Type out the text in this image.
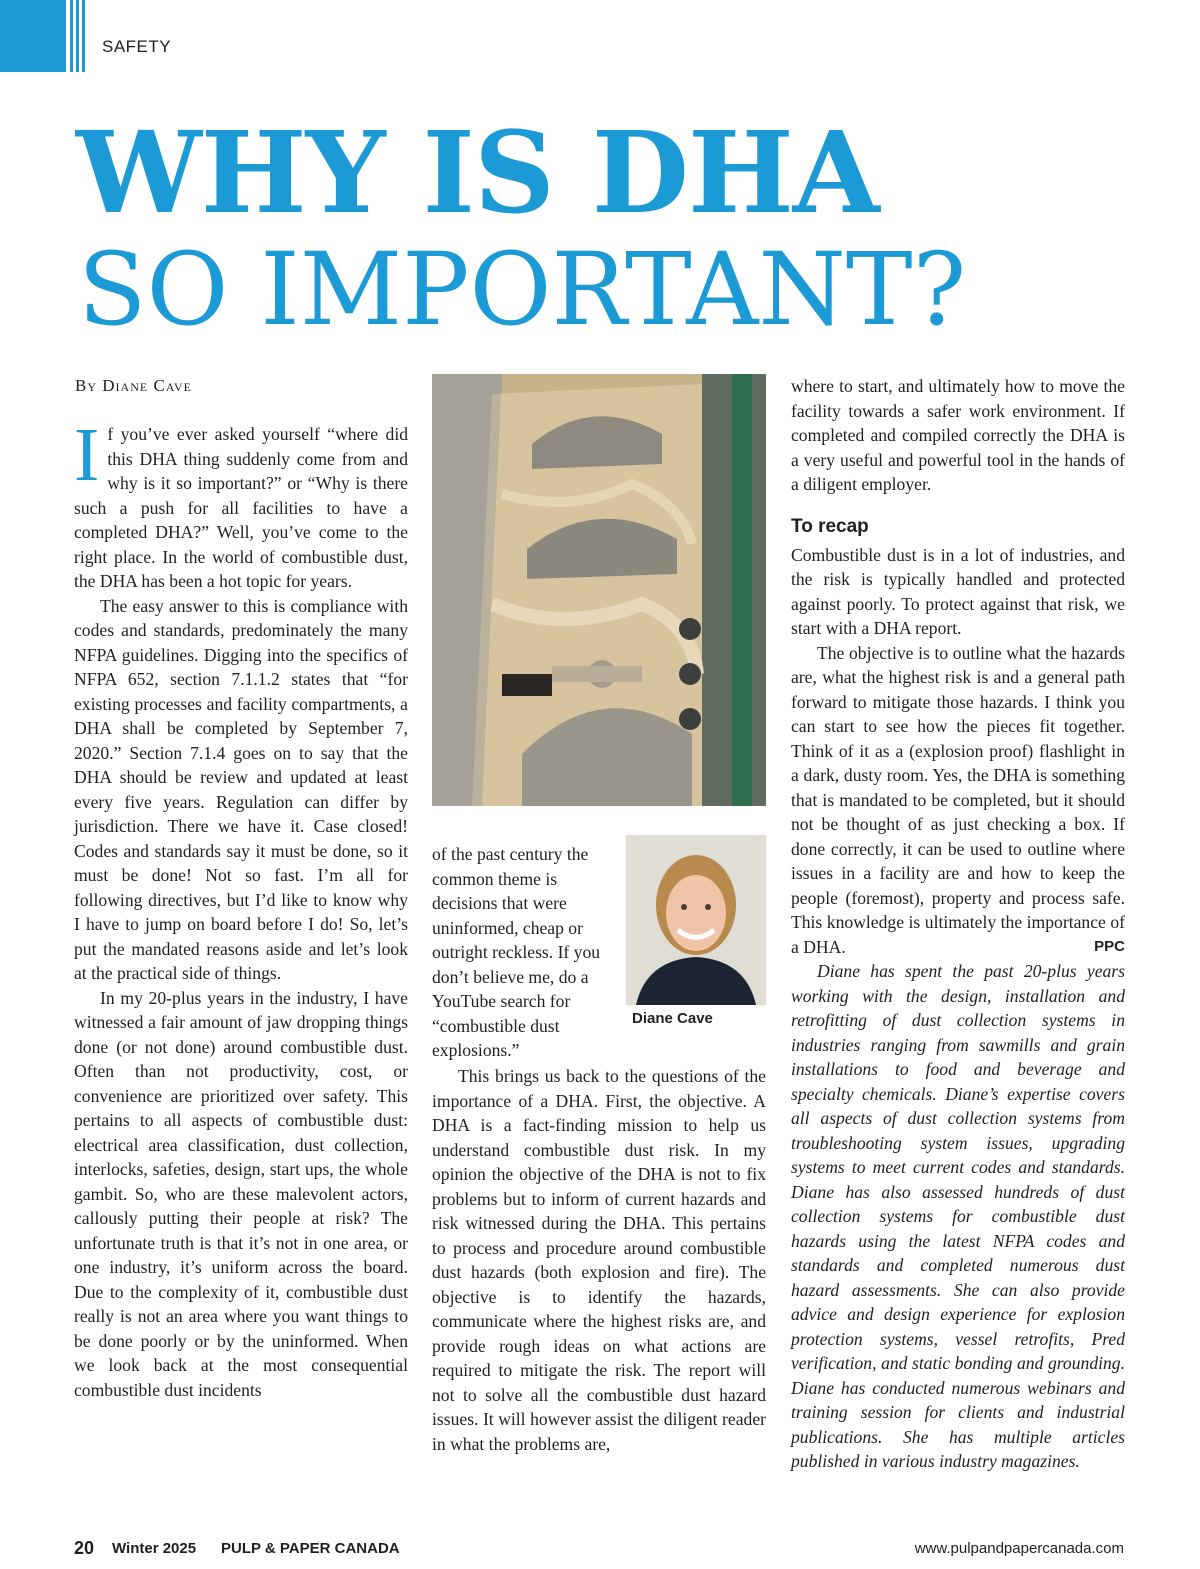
SAFETY
WHY IS DHA
SO IMPORTANT?
By Diane Cave

If you’ve ever asked yourself “where did this DHA thing suddenly come from and why is it so important?” or “Why is there such a push for all facilities to have a completed DHA?” Well, you’ve come to the right place. In the world of combustible dust, the DHA has been a hot topic for years.

The easy answer to this is compliance with codes and standards, predominately the many NFPA guidelines. Digging into the specifics of NFPA 652, section 7.1.1.2 states that “for existing processes and facility compartments, a DHA shall be completed by September 7, 2020.” Section 7.1.4 goes on to say that the DHA should be review and updated at least every five years. Regulation can differ by jurisdiction. There we have it. Case closed! Codes and standards say it must be done, so it must be done! Not so fast. I’m all for following directives, but I’d like to know why I have to jump on board before I do! So, let’s put the mandated reasons aside and let’s look at the practical side of things.

In my 20-plus years in the industry, I have witnessed a fair amount of jaw dropping things done (or not done) around combustible dust. Often than not productivity, cost, or convenience are prioritized over safety. This pertains to all aspects of combustible dust: electrical area classification, dust collection, interlocks, safeties, design, start ups, the whole gambit. So, who are these malevolent actors, callously putting their people at risk? The unfortunate truth is that it’s not in one area, or one industry, it’s uniform across the board. Due to the complexity of it, combustible dust really is not an area where you want things to be done poorly or by the uninformed. When we look back at the most consequential combustible dust incidents

of the past century the common theme is decisions that were uninformed, cheap or outright reckless. If you don’t believe me, do a YouTube search for “combustible dust explosions.”

Diane Cave

This brings us back to the questions of the importance of a DHA. First, the objective. A DHA is a fact-finding mission to help us understand combustible dust risk. In my opinion the objective of the DHA is not to fix problems but to inform of current hazards and risk witnessed during the DHA. This pertains to process and procedure around combustible dust hazards (both explosion and fire). The objective is to identify the hazards, communicate where the highest risks are, and provide rough ideas on what actions are required to mitigate the risk. The report will not to solve all the combustible dust hazard issues. It will however assist the diligent reader in what the problems are,

where to start, and ultimately how to move the facility towards a safer work environment. If completed and compiled correctly the DHA is a very useful and powerful tool in the hands of a diligent employer.

To recap

Combustible dust is in a lot of industries, and the risk is typically handled and protected against poorly. To protect against that risk, we start with a DHA report.

The objective is to outline what the hazards are, what the highest risk is and a general path forward to mitigate those hazards. I think you can start to see how the pieces fit together. Think of it as a (explosion proof) flashlight in a dark, dusty room. Yes, the DHA is something that is mandated to be completed, but it should not be thought of as just checking a box. If done correctly, it can be used to outline where issues in a facility are and how to keep the people (foremost), property and process safe. This knowledge is ultimately the importance of a DHA.	PPC

Diane has spent the past 20-plus years working with the design, installation and retrofitting of dust collection systems in industries ranging from sawmills and grain installations to food and beverage and specialty chemicals. Diane’s expertise covers all aspects of dust collection systems from troubleshooting system issues, upgrading systems to meet current codes and standards. Diane has also assessed hundreds of dust collection systems for combustible dust hazards using the latest NFPA codes and standards and completed numerous dust hazard assessments. She can also provide advice and design experience for explosion protection systems, vessel retrofits, Pred verification, and static bonding and grounding. Diane has conducted numerous webinars and training session for clients and industrial publications. She has multiple articles published in various industry magazines.

20 Winter 2025 PULP & PAPER CANADA	www.pulpandpapercanada.com
